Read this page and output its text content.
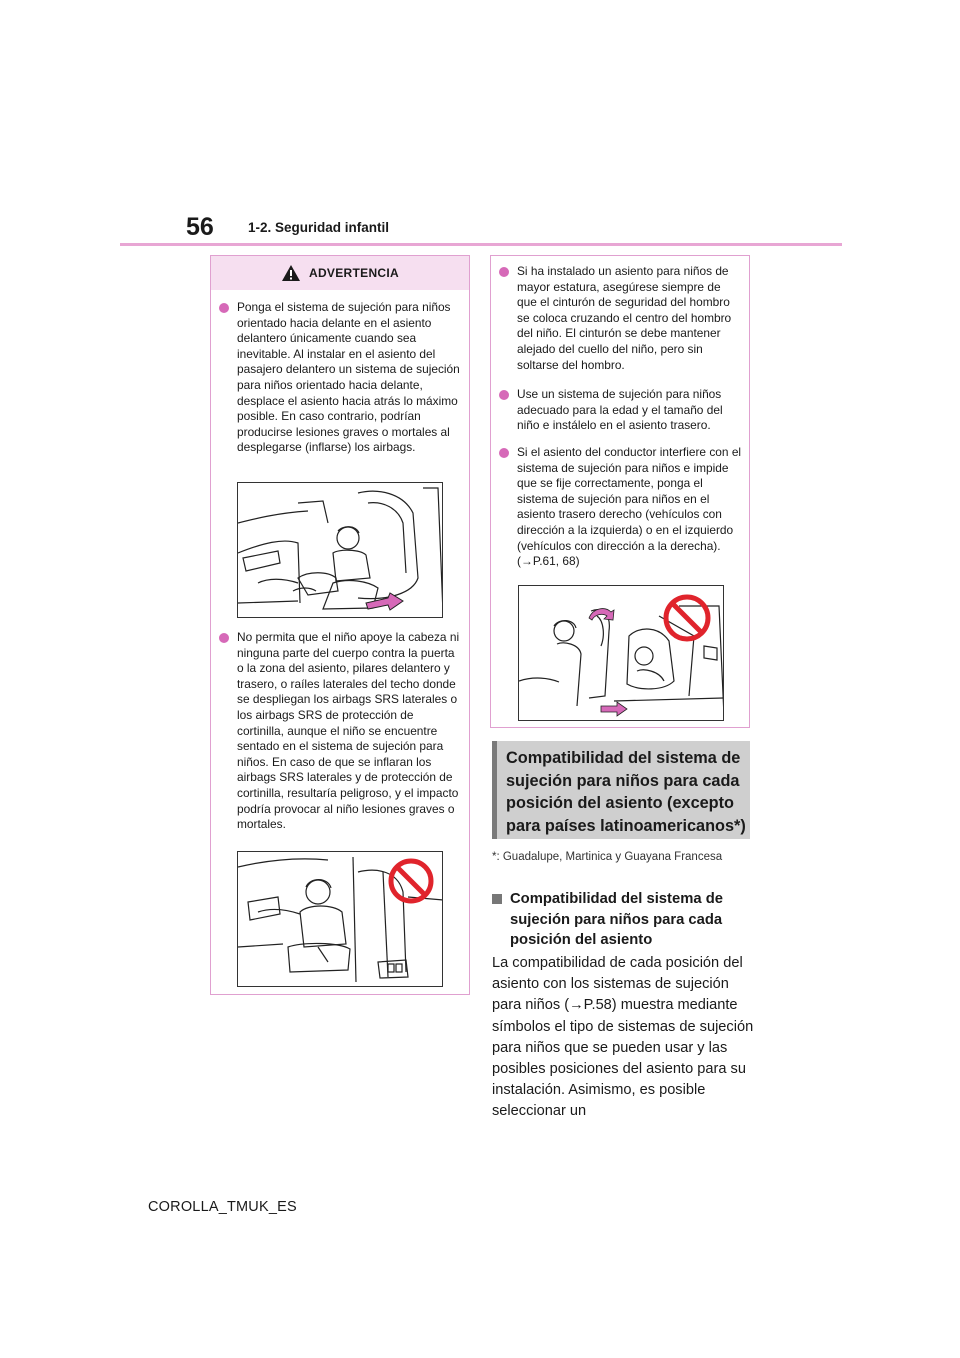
56	1-2. Seguridad infantil
ADVERTENCIA
Ponga el sistema de sujeción para niños orientado hacia delante en el asiento delantero únicamente cuando sea inevitable. Al instalar en el asiento del pasajero delantero un sistema de sujeción para niños orientado hacia delante, desplace el asiento hacia atrás lo máximo posible. En caso contrario, podrían producirse lesiones graves o mortales al desplegarse (inflarse) los airbags.
No permita que el niño apoye la cabeza ni ninguna parte del cuerpo contra la puerta o la zona del asiento, pilares delantero y trasero, o raíles laterales del techo donde se despliegan los airbags SRS laterales o los airbags SRS de protección de cortinilla, aunque el niño se encuentre sentado en el sistema de sujeción para niños. En caso de que se inflaran los airbags SRS laterales y de protección de cortinilla, resultaría peligroso, y el impacto podría provocar al niño lesiones graves o mortales.
Si ha instalado un asiento para niños de mayor estatura, asegúrese siempre de que el cinturón de seguridad del hombro se coloca cruzando el centro del hombro del niño. El cinturón se debe mantener alejado del cuello del niño, pero sin soltarse del hombro.
Use un sistema de sujeción para niños adecuado para la edad y el tamaño del niño e instálelo en el asiento trasero.
Si el asiento del conductor interfiere con el sistema de sujeción para niños e impide que se fije correctamente, ponga el sistema de sujeción para niños en el asiento trasero derecho (vehículos con dirección a la izquierda) o en el izquierdo (vehículos con dirección a la derecha). (→P.61, 68)

Compatibilidad del sistema de sujeción para niños para cada posición del asiento (excepto para países latinoamericanos*)

*: Guadalupe, Martinica y Guayana Francesa
Compatibilidad del sistema de sujeción para niños para cada posición del asiento
La compatibilidad de cada posición del asiento con los sistemas de sujeción para niños (→P.58) muestra mediante símbolos el tipo de sistemas de sujeción para niños que se pueden usar y las posibles posiciones del asiento para su instalación. Asimismo, es posible seleccionar un
COROLLA_TMUK_ES
